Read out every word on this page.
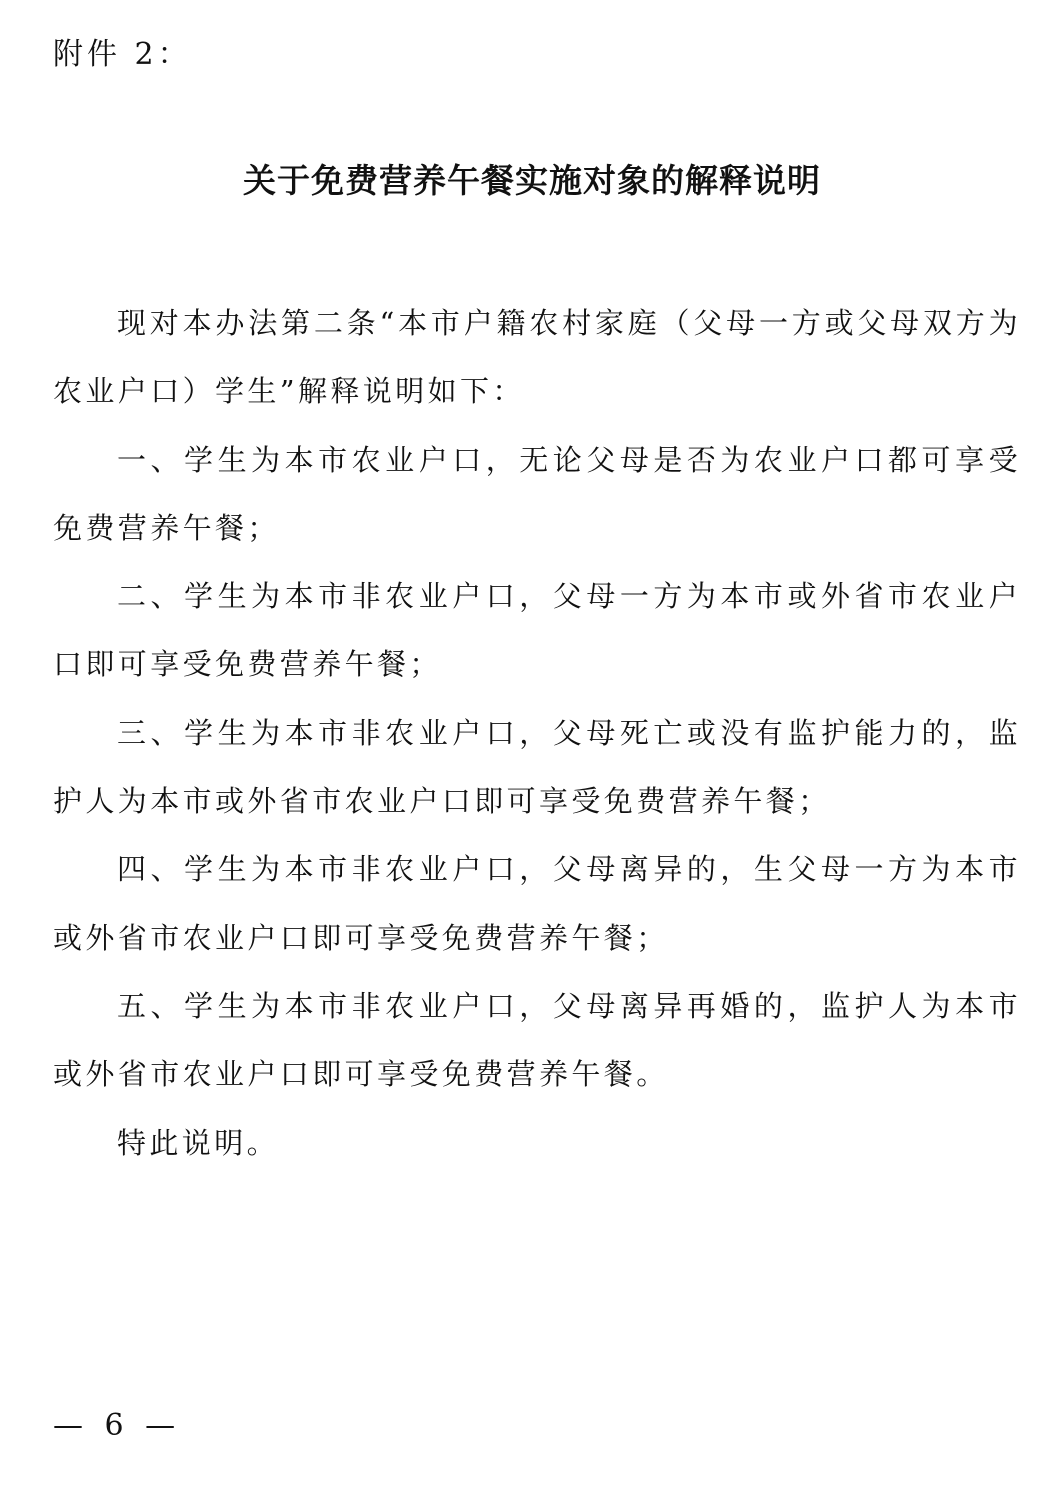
附件 2：

关于免费营养午餐实施对象的解释说明

现对本办法第二条“本市户籍农村家庭（父母一方或父母双方为农业户口）学生”解释说明如下：

一、学生为本市农业户口，无论父母是否为农业户口都可享受免费营养午餐；

二、学生为本市非农业户口，父母一方为本市或外省市农业户口即可享受免费营养午餐；

三、学生为本市非农业户口，父母死亡或没有监护能力的，监护人为本市或外省市农业户口即可享受免费营养午餐；

四、学生为本市非农业户口，父母离异的，生父母一方为本市或外省市农业户口即可享受免费营养午餐；

五、学生为本市非农业户口，父母离异再婚的，监护人为本市或外省市农业户口即可享受免费营养午餐。

特此说明。

— 6 —
